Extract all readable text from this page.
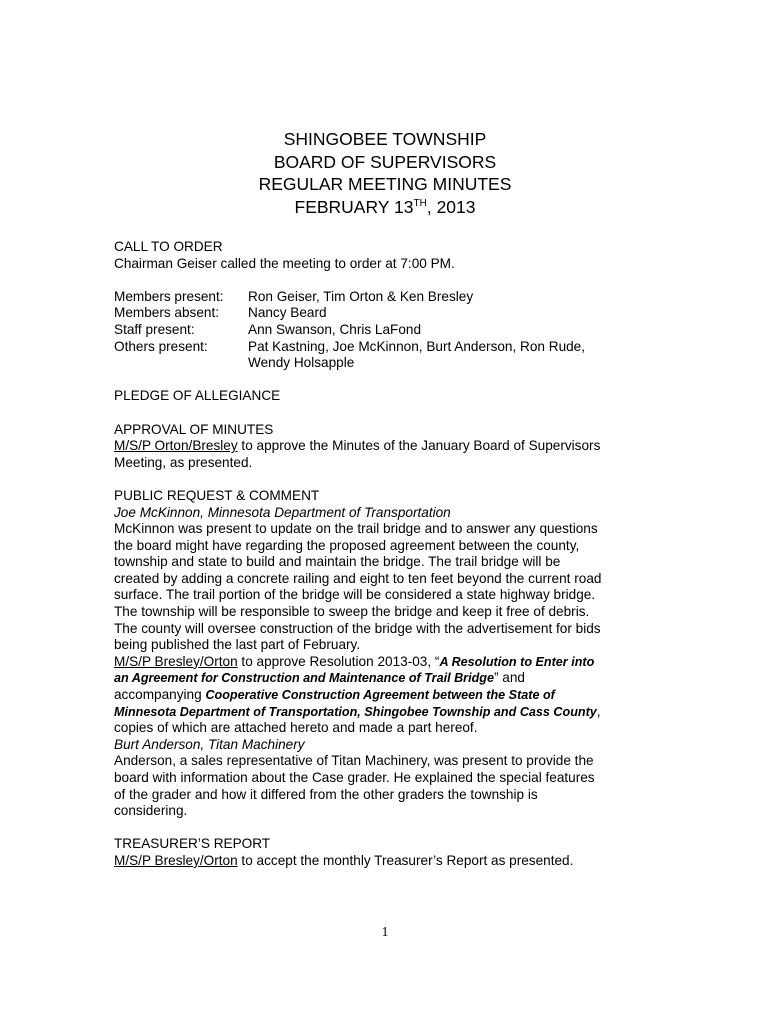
SHINGOBEE TOWNSHIP
BOARD OF SUPERVISORS
REGULAR MEETING MINUTES
FEBRUARY 13TH, 2013
CALL TO ORDER
Chairman Geiser called the meeting to order at 7:00 PM.
Members present: Ron Geiser, Tim Orton & Ken Bresley
Members absent: Nancy Beard
Staff present:	Ann Swanson, Chris LaFond
Others present:	Pat Kastning, Joe McKinnon, Burt Anderson, Ron Rude,
Wendy Holsapple
PLEDGE OF ALLEGIANCE
APPROVAL OF MINUTES
M/S/P Orton/Bresley to approve the Minutes of the January Board of Supervisors
Meeting, as presented.
PUBLIC REQUEST & COMMENT
Joe McKinnon, Minnesota Department of Transportation
McKinnon was present to update on the trail bridge and to answer any questions
the board might have regarding the proposed agreement between the county,
township and state to build and maintain the bridge. The trail bridge will be
created by adding a concrete railing and eight to ten feet beyond the current road
surface. The trail portion of the bridge will be considered a state highway bridge.
The township will be responsible to sweep the bridge and keep it free of debris.
The county will oversee construction of the bridge with the advertisement for bids
being published the last part of February.
M/S/P Bresley/Orton to approve Resolution 2013-03, “A Resolution to Enter into
an Agreement for Construction and Maintenance of Trail Bridge” and
accompanying Cooperative Construction Agreement between the State of
Minnesota Department of Transportation, Shingobee Township and Cass County,
copies of which are attached hereto and made a part hereof.
Burt Anderson, Titan Machinery
Anderson, a sales representative of Titan Machinery, was present to provide the
board with information about the Case grader. He explained the special features
of the grader and how it differed from the other graders the township is
considering.
TREASURER’S REPORT
M/S/P Bresley/Orton to accept the monthly Treasurer’s Report as presented.
1
